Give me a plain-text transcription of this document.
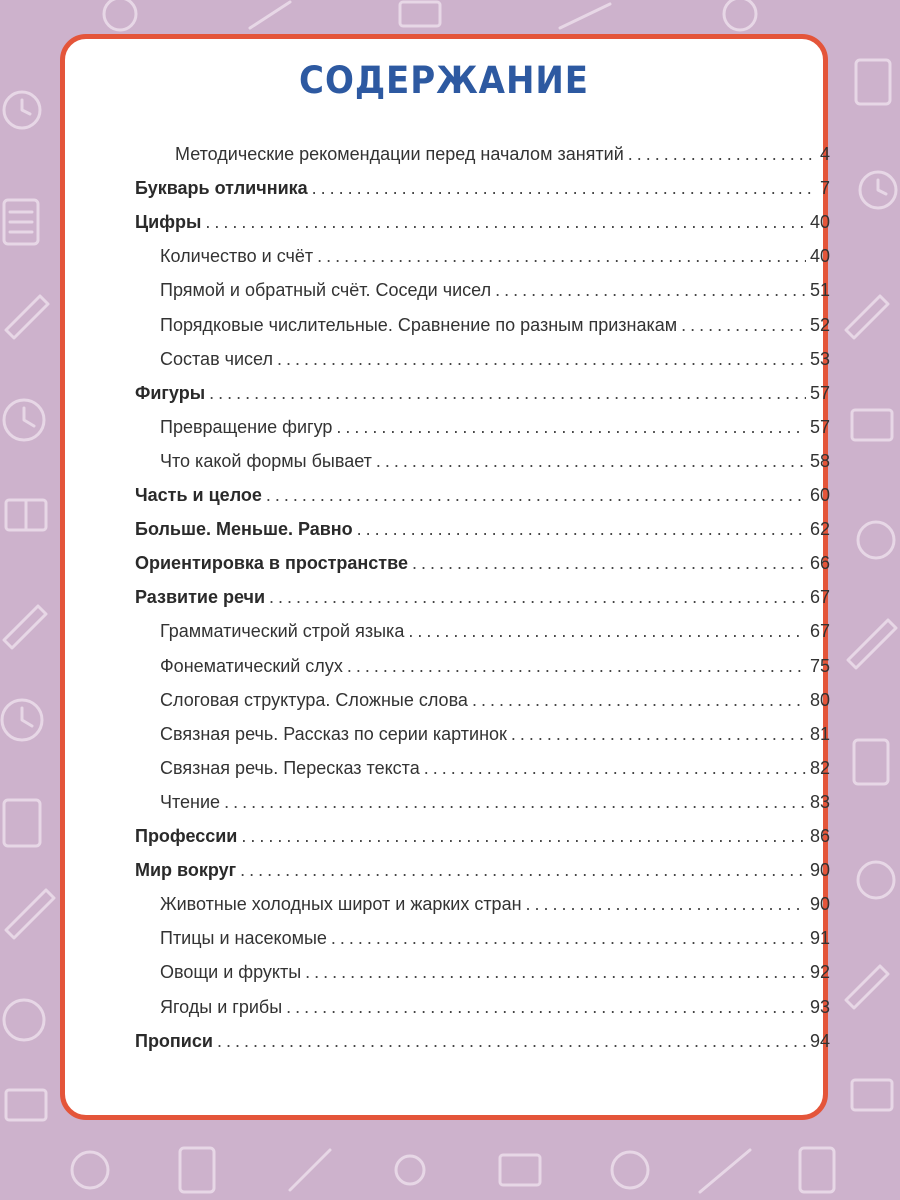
СОДЕРЖАНИЕ
Методические рекомендации перед началом занятий .....	4
Букварь отличника .....	7
Цифры .....	40
Количество и счёт .....	40
Прямой и обратный счёт. Соседи чисел .....	51
Порядковые числительные. Сравнение по разным признакам .....	52
Состав чисел .....	53
Фигуры .....	57
Превращение фигур .....	57
Что какой формы бывает .....	58
Часть и целое .....	60
Больше. Меньше. Равно .....	62
Ориентировка в пространстве .....	66
Развитие речи .....	67
Грамматический строй языка .....	67
Фонематический слух .....	75
Слоговая структура. Сложные слова .....	80
Связная речь. Рассказ по серии картинок .....	81
Связная речь. Пересказ текста .....	82
Чтение .....	83
Профессии .....	86
Мир вокруг .....	90
Животные холодных широт и жарких стран .....	90
Птицы и насекомые .....	91
Овощи и фрукты .....	92
Ягоды и грибы .....	93
Прописи .....	94
